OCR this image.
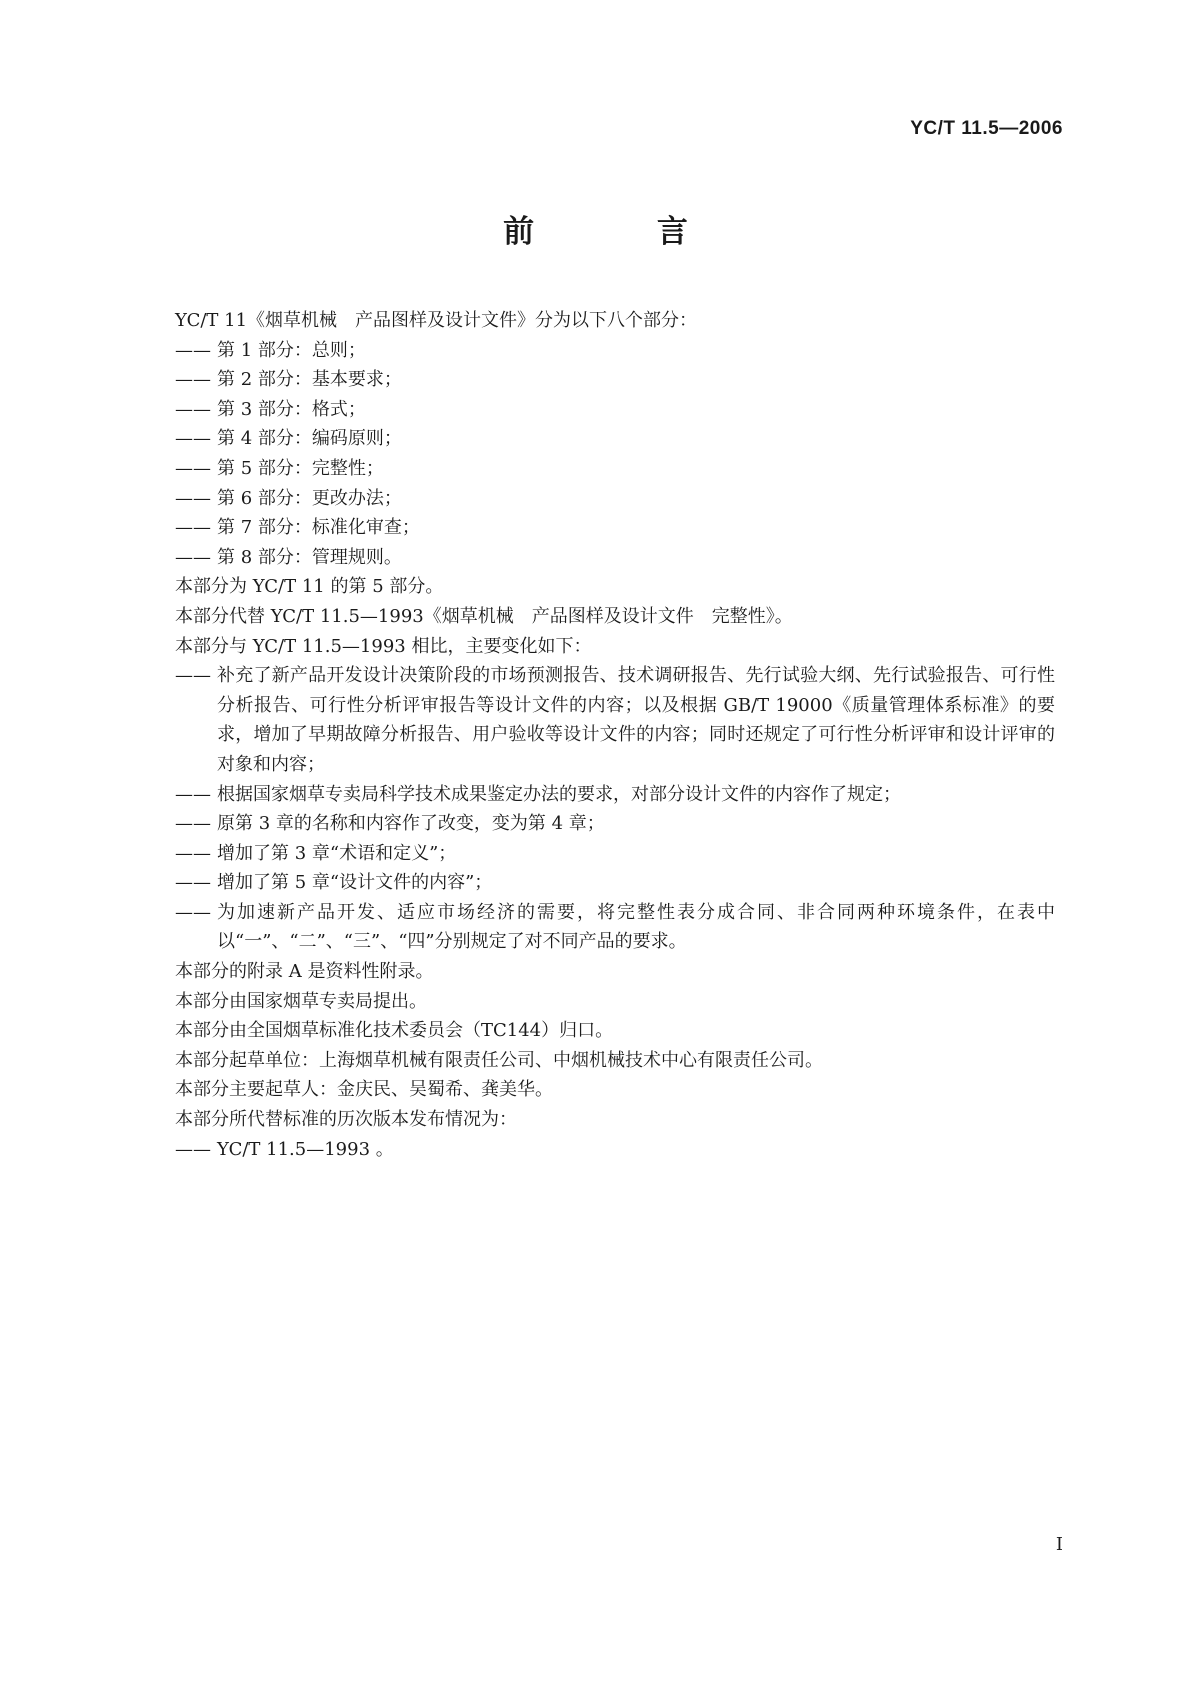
YC/T 11.5—2006
前 言
YC/T 11《烟草机械　产品图样及设计文件》分为以下八个部分：
—— 第 1 部分：总则；
—— 第 2 部分：基本要求；
—— 第 3 部分：格式；
—— 第 4 部分：编码原则；
—— 第 5 部分：完整性；
—— 第 6 部分：更改办法；
—— 第 7 部分：标准化审查；
—— 第 8 部分：管理规则。
本部分为 YC/T 11 的第 5 部分。
本部分代替 YC/T 11.5—1993《烟草机械　产品图样及设计文件　完整性》。
本部分与 YC/T 11.5—1993 相比，主要变化如下：
—— 补充了新产品开发设计决策阶段的市场预测报告、技术调研报告、先行试验大纲、先行试验报告、可行性分析报告、可行性分析评审报告等设计文件的内容；以及根据 GB/T 19000《质量管理体系标准》的要求，增加了早期故障分析报告、用户验收等设计文件的内容；同时还规定了可行性分析评审和设计评审的对象和内容；
—— 根据国家烟草专卖局科学技术成果鉴定办法的要求，对部分设计文件的内容作了规定；
—— 原第 3 章的名称和内容作了改变，变为第 4 章；
—— 增加了第 3 章“术语和定义”；
—— 增加了第 5 章“设计文件的内容”；
—— 为加速新产品开发、适应市场经济的需要，将完整性表分成合同、非合同两种环境条件，在表中以“一”、“二”、“三”、“四”分别规定了对不同产品的要求。
本部分的附录 A 是资料性附录。
本部分由国家烟草专卖局提出。
本部分由全国烟草标准化技术委员会（TC144）归口。
本部分起草单位：上海烟草机械有限责任公司、中烟机械技术中心有限责任公司。
本部分主要起草人：金庆民、吴蜀希、龚美华。
本部分所代替标准的历次版本发布情况为：
—— YC/T 11.5—1993 。
I
